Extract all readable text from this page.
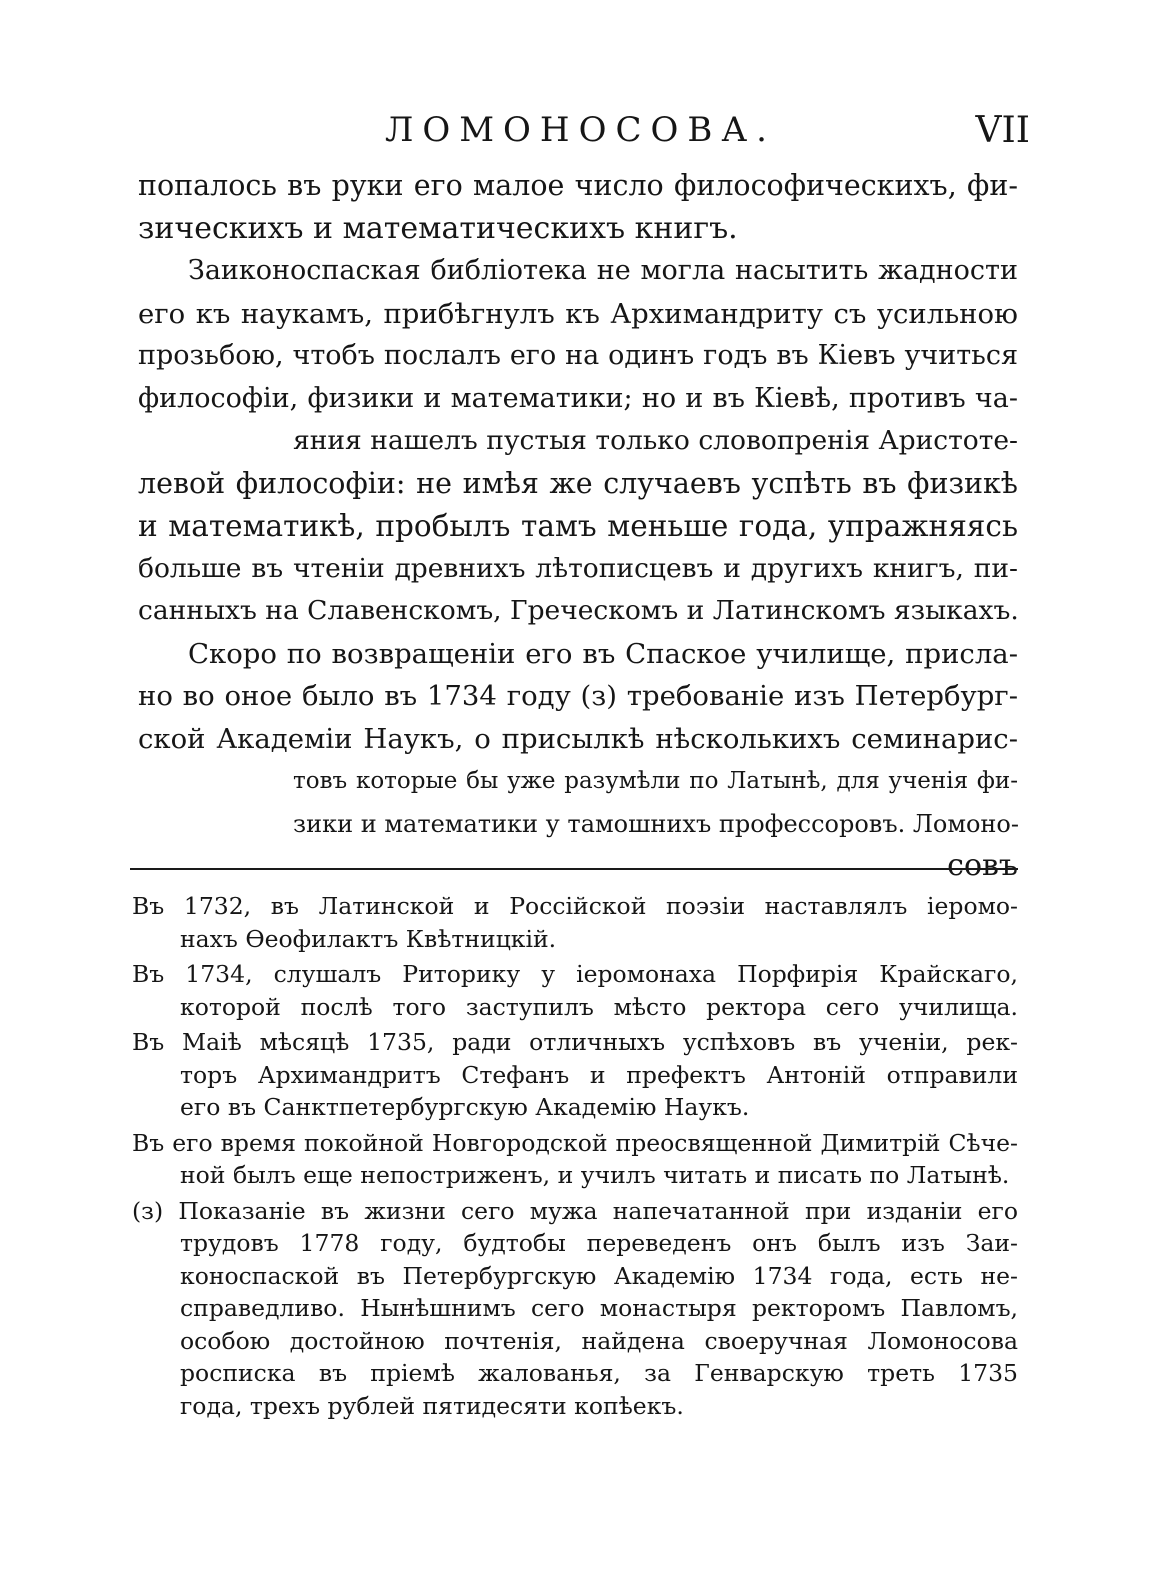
ЛОМОНОСОВА.	VII
попалось въ руки его малое число философическихъ, фи-
зическихъ и математическихъ книгъ.
Заиконоспаская библіотека не могла насытить жадности
его къ наукамъ, прибѣгнулъ къ Архимандриту съ усильною
прозьбою, чтобъ послалъ его на одинъ годъ въ Кіевъ учиться
философіи, физики и математики; но и въ Кіевѣ, противъ ча-
яния нашелъ пустыя только словопренія Аристоте-
левой философіи: не имѣя же случаевъ успѣть въ физикѣ
и математикѣ, пробылъ тамъ меньше года, упражняясь
больше въ чтеніи древнихъ лѣтописцевъ и другихъ книгъ, пи-
санныхъ на Славенскомъ, Греческомъ и Латинскомъ языкахъ.
Скоро по возвращеніи его въ Спаское училище, присла-
но во оное было въ 1734 году (з) требованіе изъ Петербург-
ской Академіи Наукъ, о присылкѣ нѣсколькихъ семинарис-
товъ которые бы уже разумѣли по Латынѣ, для ученія фи-
зики и математики у тамошнихъ профессоровъ. Ломоно-
совъ
Въ 1732, въ Латинской и Россійской поэзіи наставлялъ іеромо-
нахъ Ѳеофилактъ Квѣтницкій.
Въ 1734, слушалъ Риторику у іеромонаха Порфирія Крайскаго,
которой послѣ того заступилъ мѣсто ректора сего училища.
Въ Маіѣ мѣсяцѣ 1735, ради отличныхъ успѣховъ въ ученіи, рек-
торъ Архимандритъ Стефанъ и префектъ Антоній отправили
его въ Санктпетербургскую Академію Наукъ.
Въ его время покойной Новгородской преосвященной Димитрій Сѣче-
ной былъ еще непостриженъ, и училъ читать и писать по Латынѣ.
(з) Показаніе въ жизни сего мужа напечатанной при изданіи его
трудовъ 1778 году, будтобы переведенъ онъ былъ изъ Заи-
коноспаской въ Петербургскую Академію 1734 года, есть не-
справедливо. Нынѣшнимъ сего монастыря ректоромъ Павломъ,
особою достойною почтенія, найдена своеручная Ломоносова
росписка въ пріемѣ жалованья, за Генварскую треть 1735
года, трехъ рублей пятидесяти копѣекъ.
